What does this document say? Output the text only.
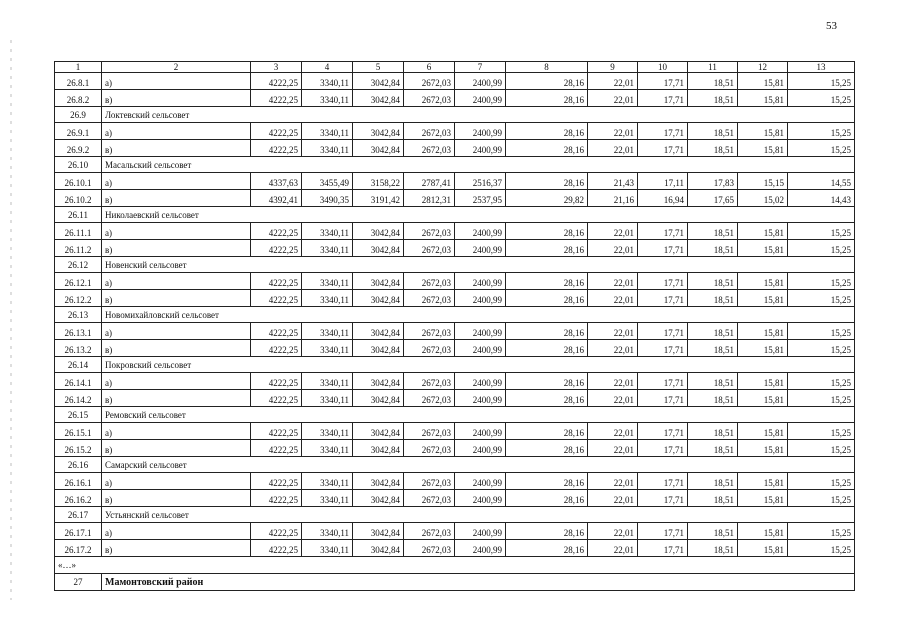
53
1	2	3	4	5	6	7	8	9	10	11	12	13
26.8.1	а)	4222,25	3340,11	3042,84	2672,03	2400,99	28,16	22,01	17,71	18,51	15,81	15,25
26.8.2	в)	4222,25	3340,11	3042,84	2672,03	2400,99	28,16	22,01	17,71	18,51	15,81	15,25
26.9	Локтевский сельсовет											
26.9.1	а)	4222,25	3340,11	3042,84	2672,03	2400,99	28,16	22,01	17,71	18,51	15,81	15,25
26.9.2	в)	4222,25	3340,11	3042,84	2672,03	2400,99	28,16	22,01	17,71	18,51	15,81	15,25
26.10	Масальский сельсовет											
26.10.1	а)	4337,63	3455,49	3158,22	2787,41	2516,37	28,16	21,43	17,11	17,83	15,15	14,55
26.10.2	в)	4392,41	3490,35	3191,42	2812,31	2537,95	29,82	21,16	16,94	17,65	15,02	14,43
26.11	Николаевский сельсовет											
26.11.1	а)	4222,25	3340,11	3042,84	2672,03	2400,99	28,16	22,01	17,71	18,51	15,81	15,25
26.11.2	в)	4222,25	3340,11	3042,84	2672,03	2400,99	28,16	22,01	17,71	18,51	15,81	15,25
26.12	Новенский сельсовет											
26.12.1	а)	4222,25	3340,11	3042,84	2672,03	2400,99	28,16	22,01	17,71	18,51	15,81	15,25
26.12.2	в)	4222,25	3340,11	3042,84	2672,03	2400,99	28,16	22,01	17,71	18,51	15,81	15,25
26.13	Новомихайловский сельсовет											
26.13.1	а)	4222,25	3340,11	3042,84	2672,03	2400,99	28,16	22,01	17,71	18,51	15,81	15,25
26.13.2	в)	4222,25	3340,11	3042,84	2672,03	2400,99	28,16	22,01	17,71	18,51	15,81	15,25
26.14	Покровский сельсовет											
26.14.1	а)	4222,25	3340,11	3042,84	2672,03	2400,99	28,16	22,01	17,71	18,51	15,81	15,25
26.14.2	в)	4222,25	3340,11	3042,84	2672,03	2400,99	28,16	22,01	17,71	18,51	15,81	15,25
26.15	Ремовский сельсовет											
26.15.1	а)	4222,25	3340,11	3042,84	2672,03	2400,99	28,16	22,01	17,71	18,51	15,81	15,25
26.15.2	в)	4222,25	3340,11	3042,84	2672,03	2400,99	28,16	22,01	17,71	18,51	15,81	15,25
26.16	Самарский сельсовет											
26.16.1	а)	4222,25	3340,11	3042,84	2672,03	2400,99	28,16	22,01	17,71	18,51	15,81	15,25
26.16.2	в)	4222,25	3340,11	3042,84	2672,03	2400,99	28,16	22,01	17,71	18,51	15,81	15,25
26.17	Устьянский сельсовет											
26.17.1	а)	4222,25	3340,11	3042,84	2672,03	2400,99	28,16	22,01	17,71	18,51	15,81	15,25
26.17.2	в)	4222,25	3340,11	3042,84	2672,03	2400,99	28,16	22,01	17,71	18,51	15,81	15,25
«…»												
27	Мамонтовский район											
